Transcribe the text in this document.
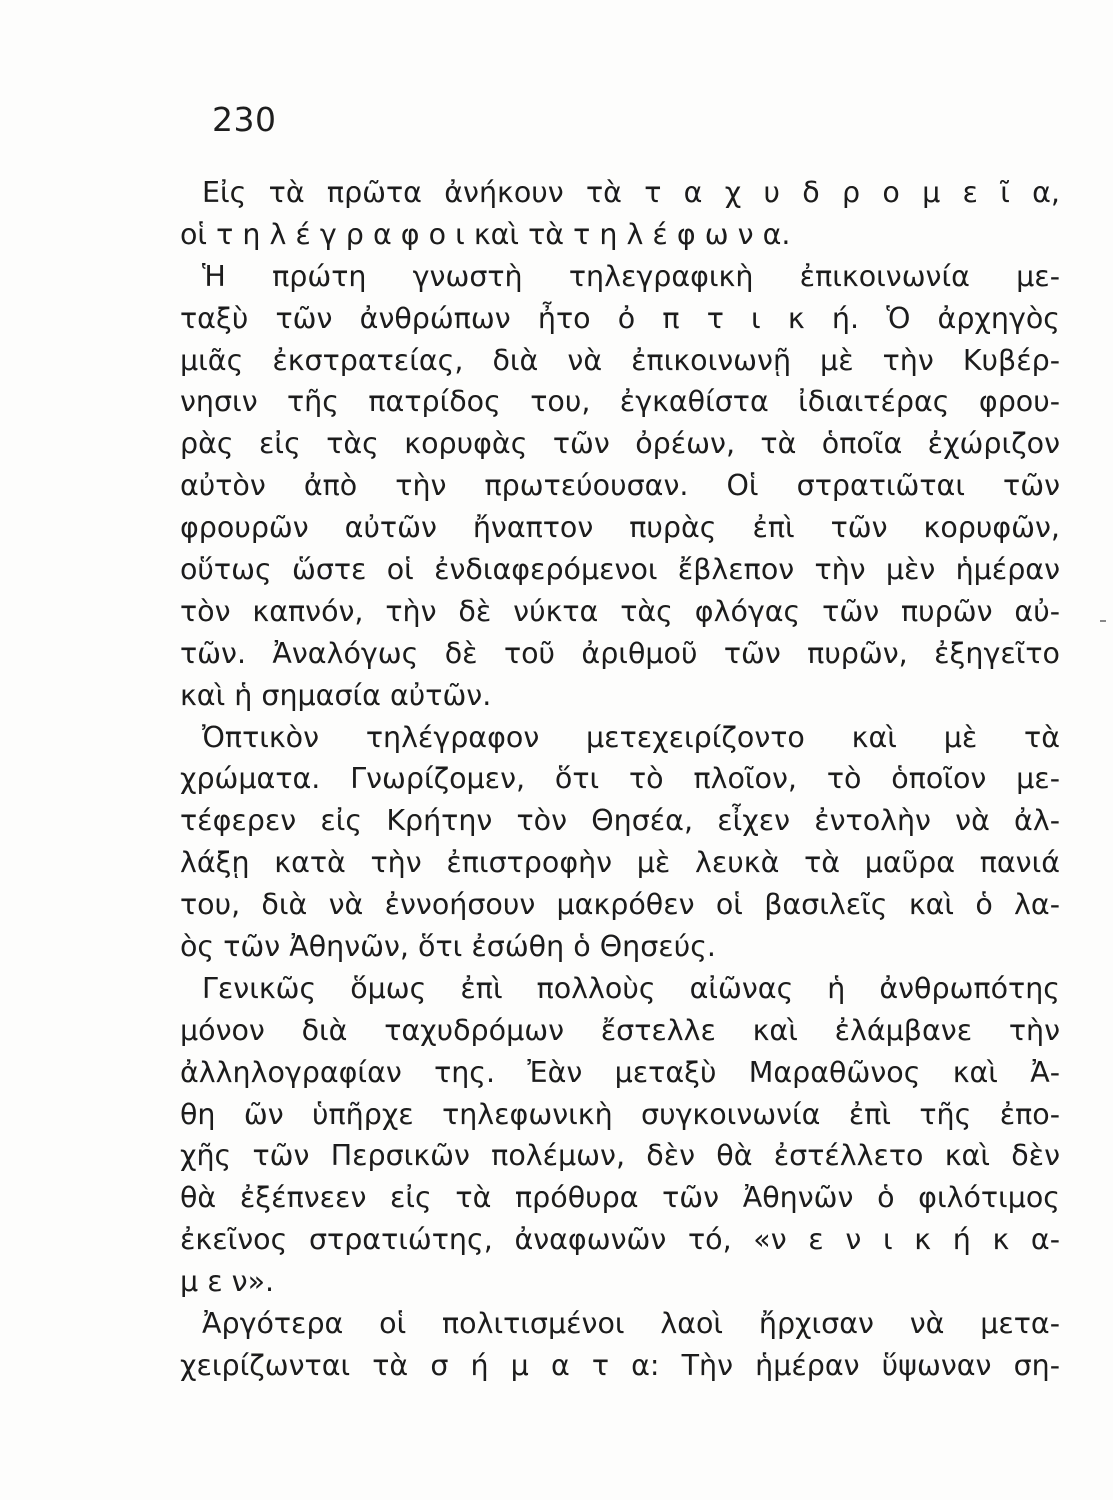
230
Εἰς τὰ πρῶτα ἀνήκουν τὰ τ α χ υ δ ρ ο μ ε ῖ α,
οἱ τ η λ έ γ ρ α φ ο ι καὶ τὰ τ η λ έ φ ω ν α.
Ἡ πρώτη γνωστὴ τηλεγραφικὴ ἐπικοινωνία με-
ταξὺ τῶν ἀνθρώπων ἦτο ὀ π τ ι κ ή. Ὁ ἀρχηγὸς
μιᾶς ἐκστρατείας, διὰ νὰ ἐπικοινωνῇ μὲ τὴν Κυβέρ-
νησιν τῆς πατρίδος του, ἐγκαθίστα ἰδιαιτέρας φρου-
ρὰς εἰς τὰς κορυφὰς τῶν ὀρέων, τὰ ὁποῖα ἐχώριζον
αὐτὸν ἀπὸ τὴν πρωτεύουσαν. Οἱ στρατιῶται τῶν
φρουρῶν αὐτῶν ἤναπτον πυρὰς ἐπὶ τῶν κορυφῶν,
οὕτως ὥστε οἱ ἐνδιαφερόμενοι ἔβλεπον τὴν μὲν ἡμέραν
τὸν καπνόν, τὴν δὲ νύκτα τὰς φλόγας τῶν πυρῶν αὐ-
τῶν. Ἀναλόγως δὲ τοῦ ἀριθμοῦ τῶν πυρῶν, ἐξηγεῖτο
καὶ ἡ σημασία αὐτῶν.
Ὀπτικὸν τηλέγραφον μετεχειρίζοντο καὶ μὲ τὰ
χρώματα. Γνωρίζομεν, ὅτι τὸ πλοῖον, τὸ ὁποῖον με-
τέφερεν εἰς Κρήτην τὸν Θησέα, εἶχεν ἐντολὴν νὰ ἀλ-
λάξῃ κατὰ τὴν ἐπιστροφὴν μὲ λευκὰ τὰ μαῦρα πανιά
του, διὰ νὰ ἐννοήσουν μακρόθεν οἱ βασιλεῖς καὶ ὁ λα-
ὸς τῶν Ἀθηνῶν, ὅτι ἐσώθη ὁ Θησεύς.
Γενικῶς ὅμως ἐπὶ πολλοὺς αἰῶνας ἡ ἀνθρωπότης
μόνον διὰ ταχυδρόμων ἔστελλε καὶ ἐλάμβανε τὴν
ἀλληλογραφίαν της. Ἐὰν μεταξὺ Μαραθῶνος καὶ Ἀ-
θη ῶν ὑπῆρχε τηλεφωνικὴ συγκοινωνία ἐπὶ τῆς ἐπο-
χῆς τῶν Περσικῶν πολέμων, δὲν θὰ ἐστέλλετο καὶ δὲν
θὰ ἐξέπνεεν εἰς τὰ πρόθυρα τῶν Ἀθηνῶν ὁ φιλότιμος
ἐκεῖνος στρατιώτης, ἀναφωνῶν τό, «ν ε ν ι κ ή κ α-
μ ε ν».
Ἀργότερα οἱ πολιτισμένοι λαοὶ ἤρχισαν νὰ μετα-
χειρίζωνται τὰ σ ή μ α τ α: Τὴν ἡμέραν ὕψωναν ση-
